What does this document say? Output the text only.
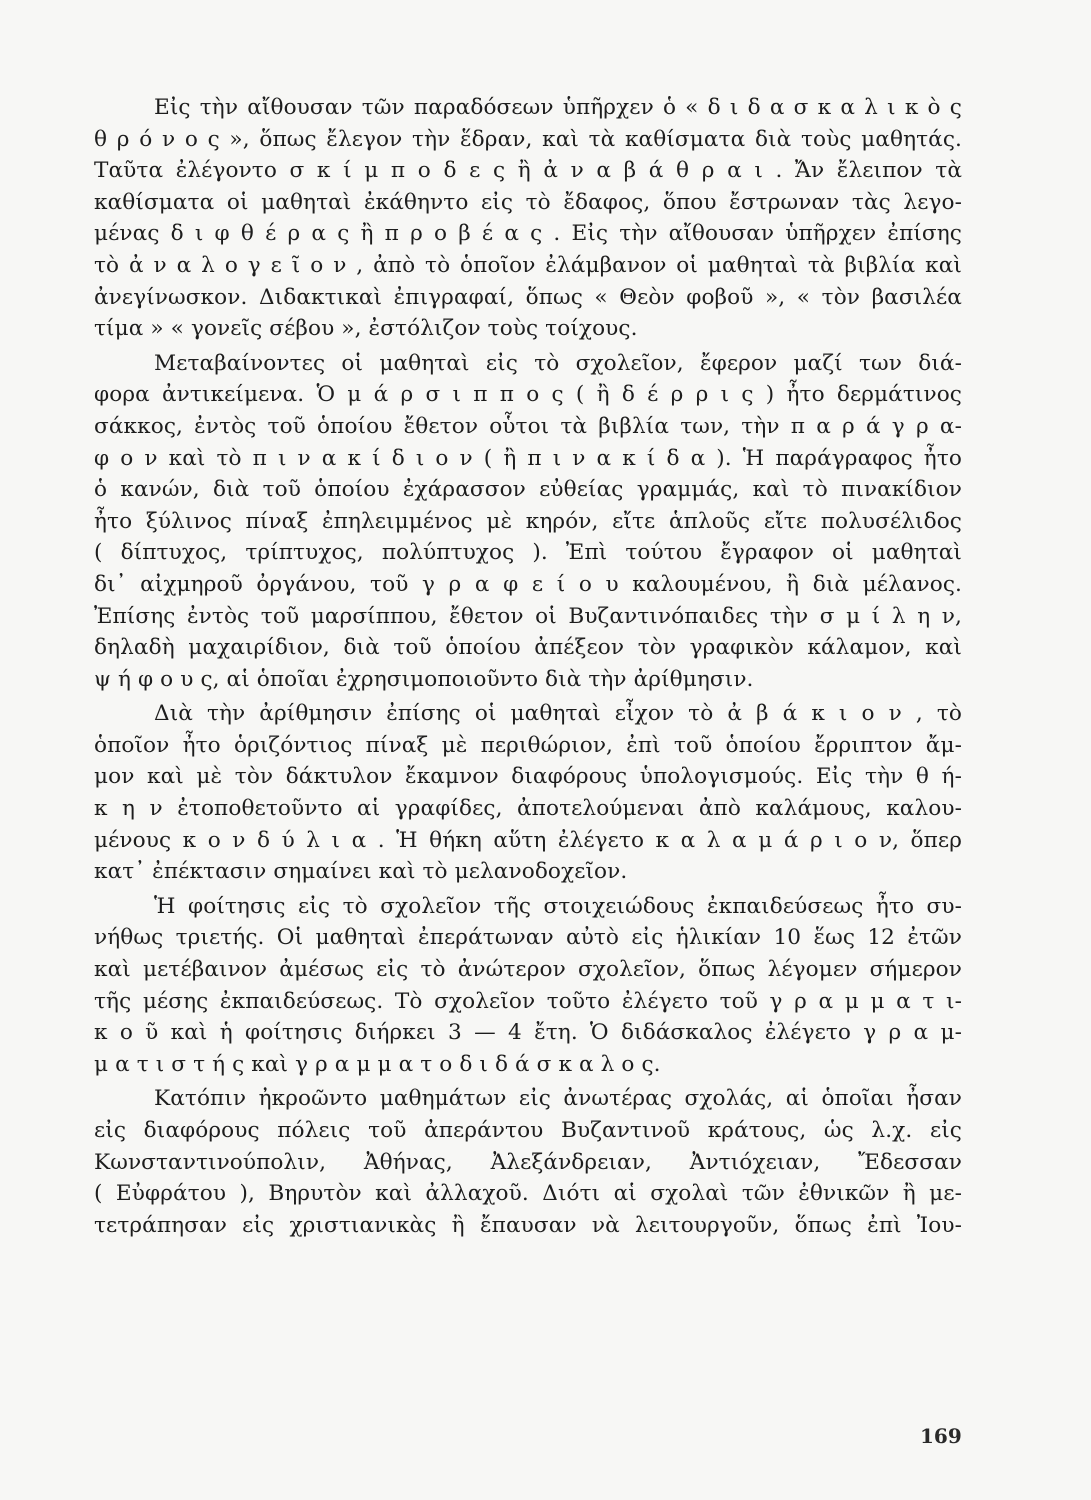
Εἰς τὴν αἴθουσαν τῶν παραδόσεων ὑπῆρχεν ὁ « δ ι δ α σ κ α λ ι κ ὸ ς
θ ρ ό ν ο ς », ὅπως ἔλεγον τὴν ἕδραν, καὶ τὰ καθίσματα διὰ τοὺς μαθητάς.
Ταῦτα ἐλέγοντο σ κ ί μ π ο δ ε ς ἢ ἀ ν α β ά θ ρ α ι . Ἄν ἔλειπον τὰ
καθίσματα οἱ μαθηταὶ ἐκάθηντο εἰς τὸ ἔδαφος, ὅπου ἔστρωναν τὰς λεγο-
μένας δ ι φ θ έ ρ α ς ἢ π ρ ο β έ α ς . Εἰς τὴν αἴθουσαν ὑπῆρχεν ἐπίσης
τὸ ἀ ν α λ ο γ ε ῖ ο ν , ἀπὸ τὸ ὁποῖον ἐλάμβανον οἱ μαθηταὶ τὰ βιβλία καὶ
ἀνεγίνωσκον. Διδακτικαὶ ἐπιγραφαί, ὅπως « Θεὸν φοβοῦ », « τὸν βασιλέα
τίμα » « γονεῖς σέβου », ἐστόλιζον τοὺς τοίχους.

Μεταβαίνοντες οἱ μαθηταὶ εἰς τὸ σχολεῖον, ἔφερον μαζί των διά-
φορα ἀντικείμενα. Ὁ μ ά ρ σ ι π π ο ς ( ἢ δ έ ρ ρ ι ς ) ἦτο δερμάτινος
σάκκος, ἐντὸς τοῦ ὁποίου ἔθετον οὗτοι τὰ βιβλία των, τὴν π α ρ ά γ ρ α-
φ ο ν καὶ τὸ π ι ν α κ ί δ ι ο ν ( ἢ π ι ν α κ ί δ α ). Ἡ παράγραφος ἦτο
ὁ κανών, διὰ τοῦ ὁποίου ἐχάρασσον εὐθείας γραμμάς, καὶ τὸ πινακίδιον
ἦτο ξύλινος πίναξ ἐπηλειμμένος μὲ κηρόν, εἴτε ἁπλοῦς εἴτε πολυσέλιδος
( δίπτυχος, τρίπτυχος, πολύπτυχος ). Ἐπὶ τούτου ἔγραφον οἱ μαθηταὶ
δι᾽ αἰχμηροῦ ὀργάνου, τοῦ γ ρ α φ ε ί ο υ καλουμένου, ἢ διὰ μέλανος.
Ἐπίσης ἐντὸς τοῦ μαρσίππου, ἔθετον οἱ Βυζαντινόπαιδες τὴν σ μ ί λ η ν,
δηλαδὴ μαχαιρίδιον, διὰ τοῦ ὁποίου ἀπέξεον τὸν γραφικὸν κάλαμον, καὶ
ψ ή φ ο υ ς, αἱ ὁποῖαι ἐχρησιμοποιοῦντο διὰ τὴν ἀρίθμησιν.

Διὰ τὴν ἀρίθμησιν ἐπίσης οἱ μαθηταὶ εἶχον τὸ ἀ β ά κ ι ο ν , τὸ
ὁποῖον ἦτο ὁριζόντιος πίναξ μὲ περιθώριον, ἐπὶ τοῦ ὁποίου ἔρριπτον ἄμ-
μον καὶ μὲ τὸν δάκτυλον ἔκαμνον διαφόρους ὑπολογισμούς. Εἰς τὴν θ ή-
κ η ν ἐτοποθετοῦντο αἱ γραφίδες, ἀποτελούμεναι ἀπὸ καλάμους, καλου-
μένους κ ο ν δ ύ λ ι α . Ἡ θήκη αὕτη ἐλέγετο κ α λ α μ ά ρ ι ο ν, ὅπερ
κατ᾽ ἐπέκτασιν σημαίνει καὶ τὸ μελανοδοχεῖον.

Ἡ φοίτησις εἰς τὸ σχολεῖον τῆς στοιχειώδους ἐκπαιδεύσεως ἦτο συ-
νήθως τριετής. Οἱ μαθηταὶ ἐπεράτωναν αὐτὸ εἰς ἡλικίαν 10 ἕως 12 ἐτῶν
καὶ μετέβαινον ἀμέσως εἰς τὸ ἀνώτερον σχολεῖον, ὅπως λέγομεν σήμερον
τῆς μέσης ἐκπαιδεύσεως. Τὸ σχολεῖον τοῦτο ἐλέγετο τοῦ γ ρ α μ μ α τ ι-
κ ο ῦ καὶ ἡ φοίτησις διήρκει 3 — 4 ἔτη. Ὁ διδάσκαλος ἐλέγετο γ ρ α μ-
μ α τ ι σ τ ή ς καὶ γ ρ α μ μ α τ ο δ ι δ ά σ κ α λ ο ς.

Κατόπιν ἠκροῶντο μαθημάτων εἰς ἀνωτέρας σχολάς, αἱ ὁποῖαι ἦσαν
εἰς διαφόρους πόλεις τοῦ ἀπεράντου Βυζαντινοῦ κράτους, ὡς λ.χ. εἰς
Κωνσταντινούπολιν, Ἀθήνας, Ἀλεξάνδρειαν, Ἀντιόχειαν, Ἔδεσσαν
( Εὐφράτου ), Βηρυτὸν καὶ ἀλλαχοῦ. Διότι αἱ σχολαὶ τῶν ἐθνικῶν ἢ με-
τετράπησαν εἰς χριστιανικὰς ἢ ἔπαυσαν νὰ λειτουργοῦν, ὅπως ἐπὶ Ἰου-

169
